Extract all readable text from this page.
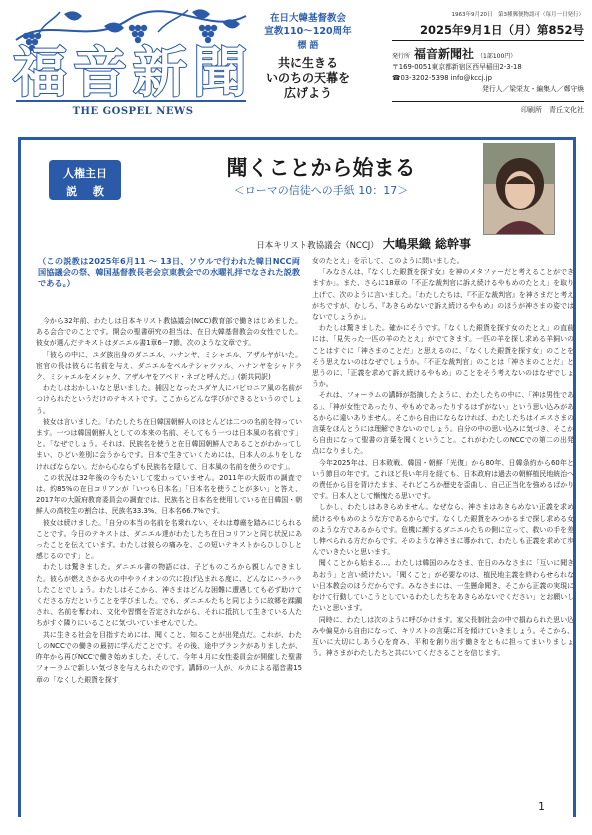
福 音 新 聞
THE GOSPEL NEWS
在日大韓基督教会
宣教110〜120周年
標 語
共に生きる
いのちの天幕を
広げよう
1963年9月20日　第3種郵便物認可（毎月一日発行）
2025年9月1日（月）第852号
発行所 福音新聞社 （1部100円）
〒169-0051東京都新宿区西早稲田2-3-18
☎03-3202-5398 info@kccj.jp
発行人／梁栄友・編集人／鄭守煥
印刷所　青丘文化社
人権主日
説 教
聞くことから始まる
＜ローマの信徒への手紙 10：17＞
日本キリスト教協議会（NCCJ） 大嶋果織 総幹事
（この説教は2025年6月11 〜 13日、ソウルで行われた韓日NCC両国協議会の祭、韓国基督教長老会京東教会での水曜礼拝でなされた説教である。）

今から32年前、わたしは日本キリスト教協議会(NCC)教育部で働きはじめました。ある会合でのことです。開会の聖書研究の担当は、在日大韓基督教会の女性でした。彼女が選んだテキストはダニエル書1章6－7節。次のような文章です。

「彼らの中に、ユダ族出身のダニエル、ハナンヤ、ミシャエル、アザルヤがいた。宦官の長は彼らに名前を与え、ダニエルをベルテシャツァル、ハナンヤをシャドラク、ミシャエルをメシャク、アザルヤをアベド・ネゴと呼んだ。」(新共同訳)

わたしはおかしいなと思いました。捕囚となったユダヤ人にバビロニア風の名前がつけられたというだけのテキストです。ここからどんな学びができるというのでしょう。

彼女は言いました。「わたしたち在日韓国朝鮮人のほとんどは二つの名前を持っています。一つは韓国朝鮮人としての本来の名前、そしてもう一つは日本風の名前です」と。「なぜでしょう。それは、民族名を使うと在日韓国朝鮮人であることがわかってしまい、ひどい差別に会うからです。日本で生きていくためには、日本人のふりをしなければならない。だから心ならずも民族名を隠して、日本風の名前を使うのです」。

この状況は32年後の今もたいして変わっていません。2011年の大阪市の調査では、約85%の在日コリアンが「いつも日本名」「日本名を使うことが多い」と答え、2017年の大阪府教育委員会の調査では、民族名と日本名を使用している在日韓国・朝鮮人の高校生の割合は、民族名33.3%、日本名66.7%です。

彼女は続けました。「自分の本当の名前を名乗れない、それは尊厳を踏みにじられることです。今日のテキストは、ダニエル達がわたしたち在日コリアンと同じ状況にあったことを伝えています。わたしは彼らの痛みを、この短いテキストからひしひしと感じるのです」と。

わたしは驚きました。ダニエル書の物語には、子どものころから親しんできました。彼らが燃えさかる火の中やライオンの穴に投げ込まれる度に、どんなにハラハラしたことでしょう。わたしはそこから、神さまはどんな困難に遭遇しても必ず助けてくださる方だということを学びました。でも、ダニエルたちと同じように故郷を蹂躙され、名前を奪われ、文化や習慣を否定されながら、それに抵抗して生きている人たちがすぐ隣りにいることに気づいていませんでした。

共に生きる社会を目指すためには、聞くこと、知ることが出発点だ。これが、わたしのNCCでの働きの最初に学んだことです。その後、途中ブランクがありましたが、昨年から再びNCCで働き始めました。そして、今年４月に女性委員会が開催した聖書フォーラムで新しい気づきを与えられたのです。講師の一人が、ルカによる福音書15章の「なくした銀貨を探す

女のたとえ」を示して、このように問いました。

「みなさんは、『なくした銀貨を探す女』を神のメタファーだと考えることができますか」。また、さらに18章の「不正な裁判官に訴え続けるやもめのたとえ」を取り上げて、次のように言いました。「わたしたちは、『不正な裁判官』を神さまだと考えがちですが、むしろ、『あきらめないで訴え続けるやもめ』のほうが神さまの姿ではないでしょうか」。

わたしは驚きました。確かにそうです。「なくした銀貨を探す女のたとえ」の直前には、「見失った一匹の羊のたとえ」がでてきます。一匹の羊を探し求める羊飼いのことはすぐに「神さまのことだ」と思えるのに、「なくした銀貨を探す女」のことをそう思えないのはなぜでしょうか。「不正な裁判官」のことは「神さまのことだ」と思うのに、「正義を求めて訴え続けるやもめ」のことをそう考えないのはなぜでしょうか。

それは、フォーラムの講師が指摘したように、わたしたちの中に、「神は男性である」、「神が女性であったり、やもめであったりするはずがない」という思い込みがあるからに違いありません。そこから自由にならなければ、わたしたちはイエスさまの言葉をほんとうには理解できないのでしょう。自分の中の思い込みに気づき、そこから自由になって聖書の言葉を聞くということ。これがわたしのNCCでの第二の出発点になりました。

今年2025年は、日本敗戦、韓国・朝鮮「光復」から80年、日韓条約から60年という節目の年です。これほど長い年月を経ても、日本政府は過去の朝鮮植民地統治への責任から目を背けたまま、それどころか歴史を歪曲し、自己正当化を強めるばかりです。日本人として慚愧たる思いです。

しかし、わたしはあきらめません。なぜなら、神さまはあきらめない正義を求め続けるやもめのような方であるからです。なくした銀貨をみつかるまで探し求める女のような方であるからです。危機に瀕するダニエルたちの側に立って、救いの手を差し伸べられる方だからです。そのような神さまに導かれて、わたしも正義を求めて歩んでいきたいと思います。

聞くことから始まる…。わたしは韓国のみなさま、在日のみなさまに「互いに聞きあおう」と言い続けたい。「聞くこと」が必要なのは、植民地主義を終わらせられない日本教会のほうだからです。みなさまには、一生懸命聞き、そこから正義の実現にむけて行動していこうとしているわたしたちをあきらめないでください」とお願いしたいと思います。

同時に、わたしは次のように呼びかけます。家父長制社会の中で損ねられた思い込みや偏見から自由になって、キリストの言葉に耳を傾けていきましょう。そこから、互いに大切にしあう心を育み、平和を創り出す働きをともに担ってまいりましょう。神さまがわたしたちと共にいてくださることを信じます。

1
